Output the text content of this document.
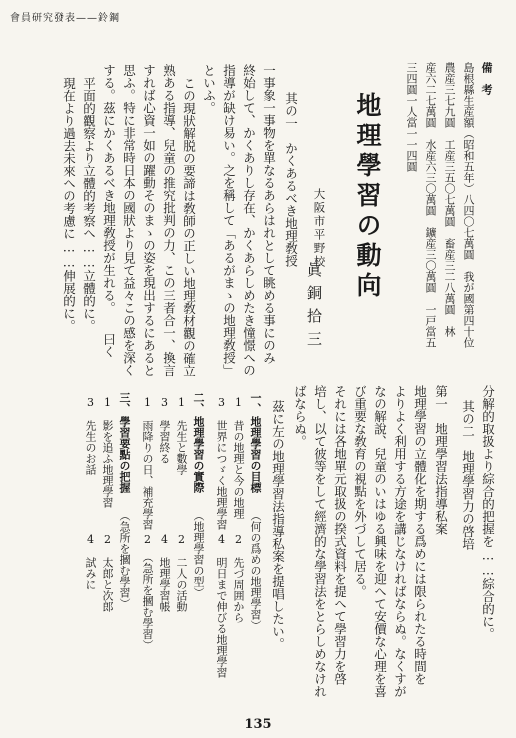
會員研究發表——鈴鋼
備　考
島根縣生産額（昭和五年）八四〇七萬圓　我が國第四十位
農産三七九圓　工産三五〇七萬圓　畜産三二八萬圓　林
産六二七萬圓　水産六三〇萬圓　鑛産三〇萬圓　一戸當五
三四圓一人當一一四圓
地理學習の動向
大阪市平野校
眞銅拾三
其の一　かくあるべき地理敎授
一事象一事物を單なるあらはれとして眺める事にのみ
終始して、かくありし存在、かくあらしめたき憧憬への
指導が缺け易い。之を稱して「あるがまゝの地理敎授」
といふ。
この現狀解脱の要諦は敎師の正しい地理敎材觀の確立
熟ある指導、兒童の推究批判の力、この三者合一、換言
すれば心資一如の躍動そのまゝの姿を現出するにあると
思ふ。特に非常時日本の國狀より見て益々この感を深く
する。茲にかくあるべき地理敎授が生れる。　　曰く
平面的觀察より立體的考察へ……立體的に。
現在より過去未來への考慮に……伸展的に。
分解的取扱より綜合的把握を……綜合的に。
其の二　地理學習力の啓培
第一　地理學習法指導私案
地理學習の立體化を期する爲めには限られたる時間を
よりよく利用する方途を講じなければならぬ。なくすが
なの解說、兒童のいはゆる興味を迎へて安價な心理を喜
び重要な敎育の視點を外づして居る。
それには各地單元取扱の揆式資料を提へて學習力を啓
培し、以て彼等をして經濟的な學習法をとらしめなけれ
ばならぬ。
茲に左の地理學習法指導私案を提唱したい。
一、
地理學習の目標
（何の爲めの地理學習）
1　昔の地理と今の地理
2　先づ周囲から
3　世界につゞく地理學習
4　明日まで伸びる地理學習
二、
地理學習の實際
（地理學習の型）
1　先生と數學
2　二人の活動
3　學習終る
4　地理學習帳
1　雨降りの日、補充學習
2　（急所を摑む學習）
三、
學習要點の把握
（急所を摑む學習）
1　影を追ふ地理學習
2　太郎と次郎
3　先生のお話
4　試みに
135
